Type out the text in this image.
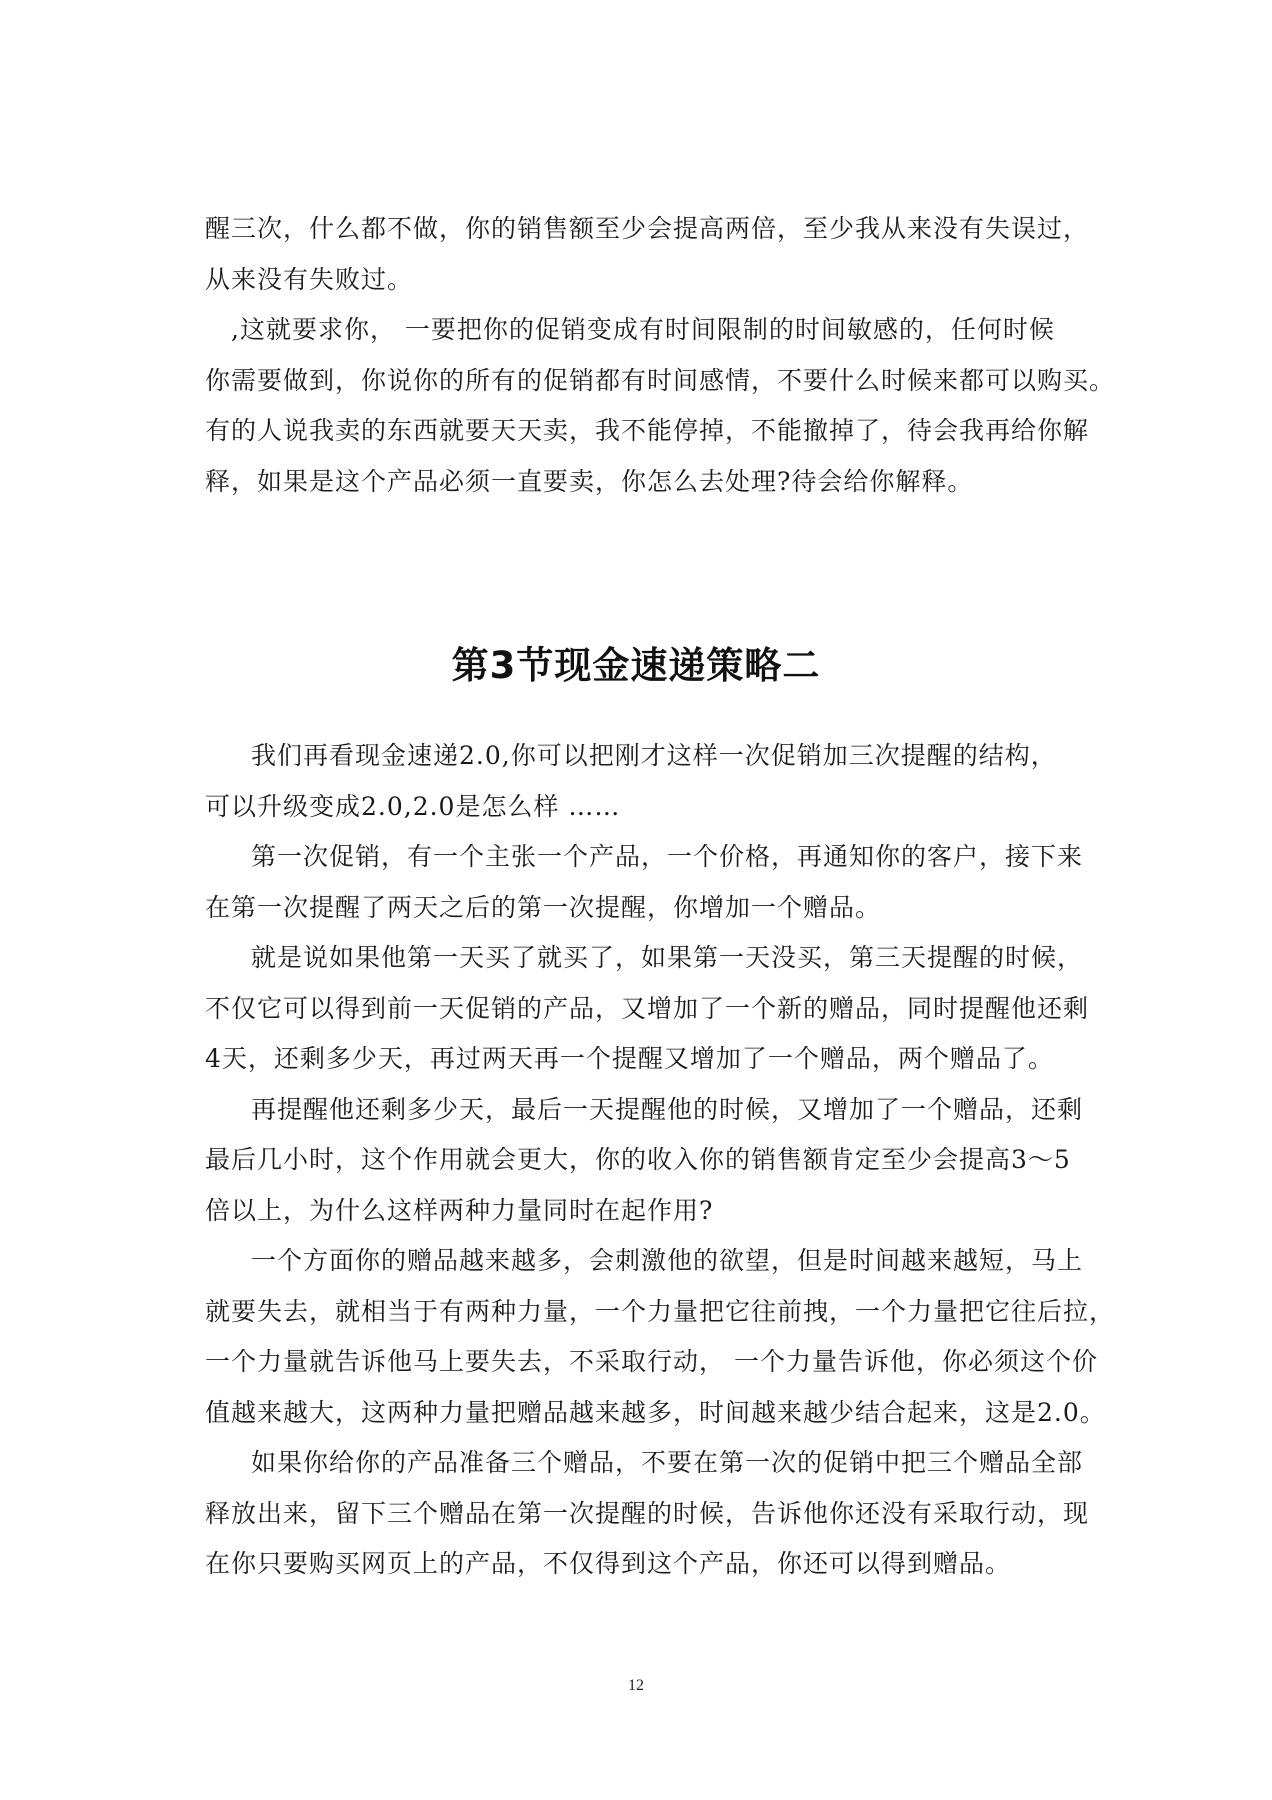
醒三次，什么都不做，你的销售额至少会提高两倍，至少我从来没有失误过，
从来没有失败过。
,这就要求你， 一要把你的促销变成有时间限制的时间敏感的，任何时候
你需要做到，你说你的所有的促销都有时间感情，不要什么时候来都可以购买。
有的人说我卖的东西就要天天卖，我不能停掉，不能撤掉了，待会我再给你解
释，如果是这个产品必须一直要卖，你怎么去处理?待会给你解释。
第3节现金速递策略二
我们再看现金速递2.0,你可以把刚才这样一次促销加三次提醒的结构，
可以升级变成2.0,2.0是怎么样 ……
第一次促销，有一个主张一个产品，一个价格，再通知你的客户，接下来
在第一次提醒了两天之后的第一次提醒，你增加一个赠品。
就是说如果他第一天买了就买了，如果第一天没买，第三天提醒的时候，
不仅它可以得到前一天促销的产品，又增加了一个新的赠品，同时提醒他还剩
4天，还剩多少天，再过两天再一个提醒又增加了一个赠品，两个赠品了。
再提醒他还剩多少天，最后一天提醒他的时候，又增加了一个赠品，还剩
最后几小时，这个作用就会更大，你的收入你的销售额肯定至少会提高3～5
倍以上，为什么这样两种力量同时在起作用?
一个方面你的赠品越来越多，会刺激他的欲望，但是时间越来越短，马上
就要失去，就相当于有两种力量，一个力量把它往前拽，一个力量把它往后拉，
一个力量就告诉他马上要失去，不采取行动， 一个力量告诉他，你必须这个价
值越来越大，这两种力量把赠品越来越多，时间越来越少结合起来，这是2.0。
如果你给你的产品准备三个赠品，不要在第一次的促销中把三个赠品全部
释放出来，留下三个赠品在第一次提醒的时候，告诉他你还没有采取行动，现
在你只要购买网页上的产品，不仅得到这个产品，你还可以得到赠品。
12
